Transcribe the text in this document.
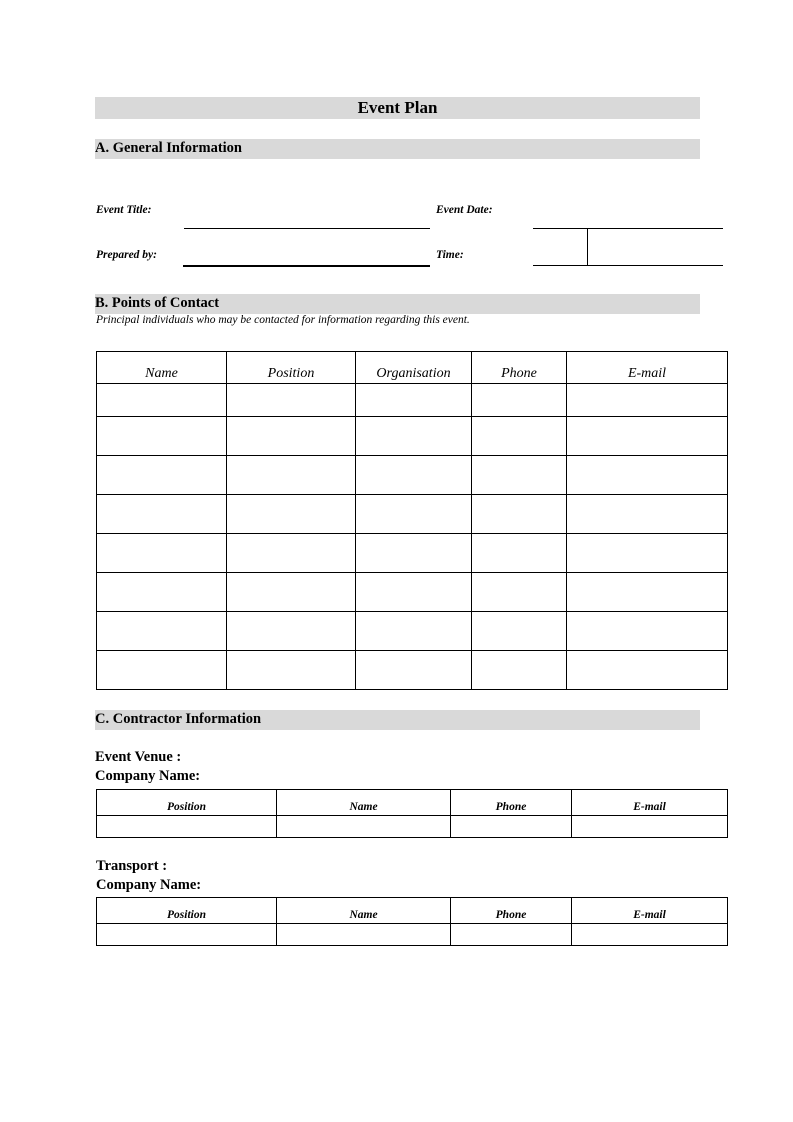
Event Plan
A. General Information
Event Title:	Event Date:
Prepared by:	Time:
B. Points of Contact
Principal individuals who may be contacted for information regarding this event.
Name	Position	Organisation	Phone	E-mail

C. Contractor Information
Event Venue :
Company Name:
Position	Name	Phone	E-mail

Transport :
Company Name:
Position	Name	Phone	E-mail
